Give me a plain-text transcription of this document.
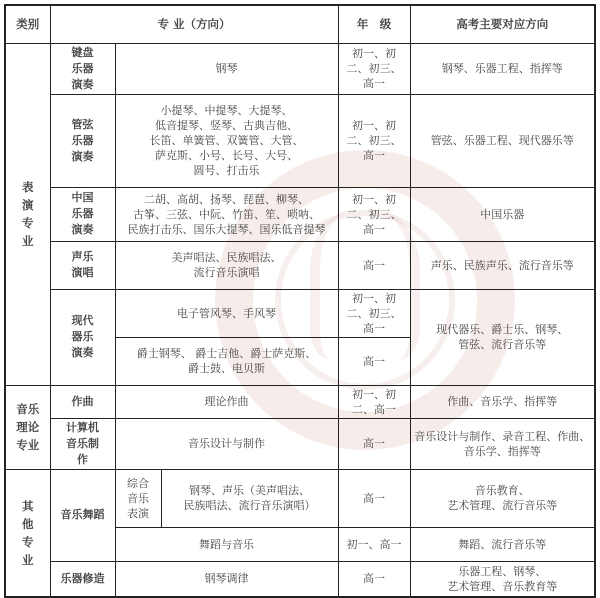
类别	专 业（方向）			年　级	高考主要对应方向
表演专业	键盘乐器演奏	钢琴		初一、初二、初三、高一	钢琴、乐器工程、指挥等
	管弦乐器演奏	小提琴、中提琴、大提琴、
低音提琴、竖琴、古典吉他、
长笛、单簧管、双簧管、大管、
萨克斯、小号、长号、大号、
圆号、打击乐		初一、初二、初三、高一	管弦、乐器工程、现代器乐等
	中国乐器演奏	二胡、高胡、扬琴、琵琶、柳琴、
古筝、三弦、中阮、竹笛、笙、唢呐、
民族打击乐、国乐大提琴、国乐低音提琴		初一、初二、初三、高一	中国乐器
	声乐演唱	美声唱法、民族唱法、
流行音乐演唱		高一	声乐、民族声乐、流行音乐等
	现代器乐演奏	电子管风琴、手风琴		初一、初二、初三、高一	现代器乐、爵士乐、钢琴、
管弦、流行音乐等

		爵士钢琴、 爵士吉他、爵士萨克斯、
爵士鼓、电贝斯		高一	
音乐理论专业	作曲	理论作曲		初一、初二、高一	作曲、音乐学、指挥等
	计算机音乐制作	音乐设计与制作		高一	音乐设计与制作、录音工程、作曲、
音乐学、指挥等

其他专业	音乐舞蹈	综合音乐表演	
钢琴、声乐（美声唱法、
民族唱法、流行音乐演唱）
	高一	
音乐教育、
艺术管理、流行音乐等

		舞蹈与音乐		初一、高一	舞蹈、流行音乐等
	乐器修造	钢琴调律		高一	乐器工程、钢琴、
艺术管理、音乐教育等
